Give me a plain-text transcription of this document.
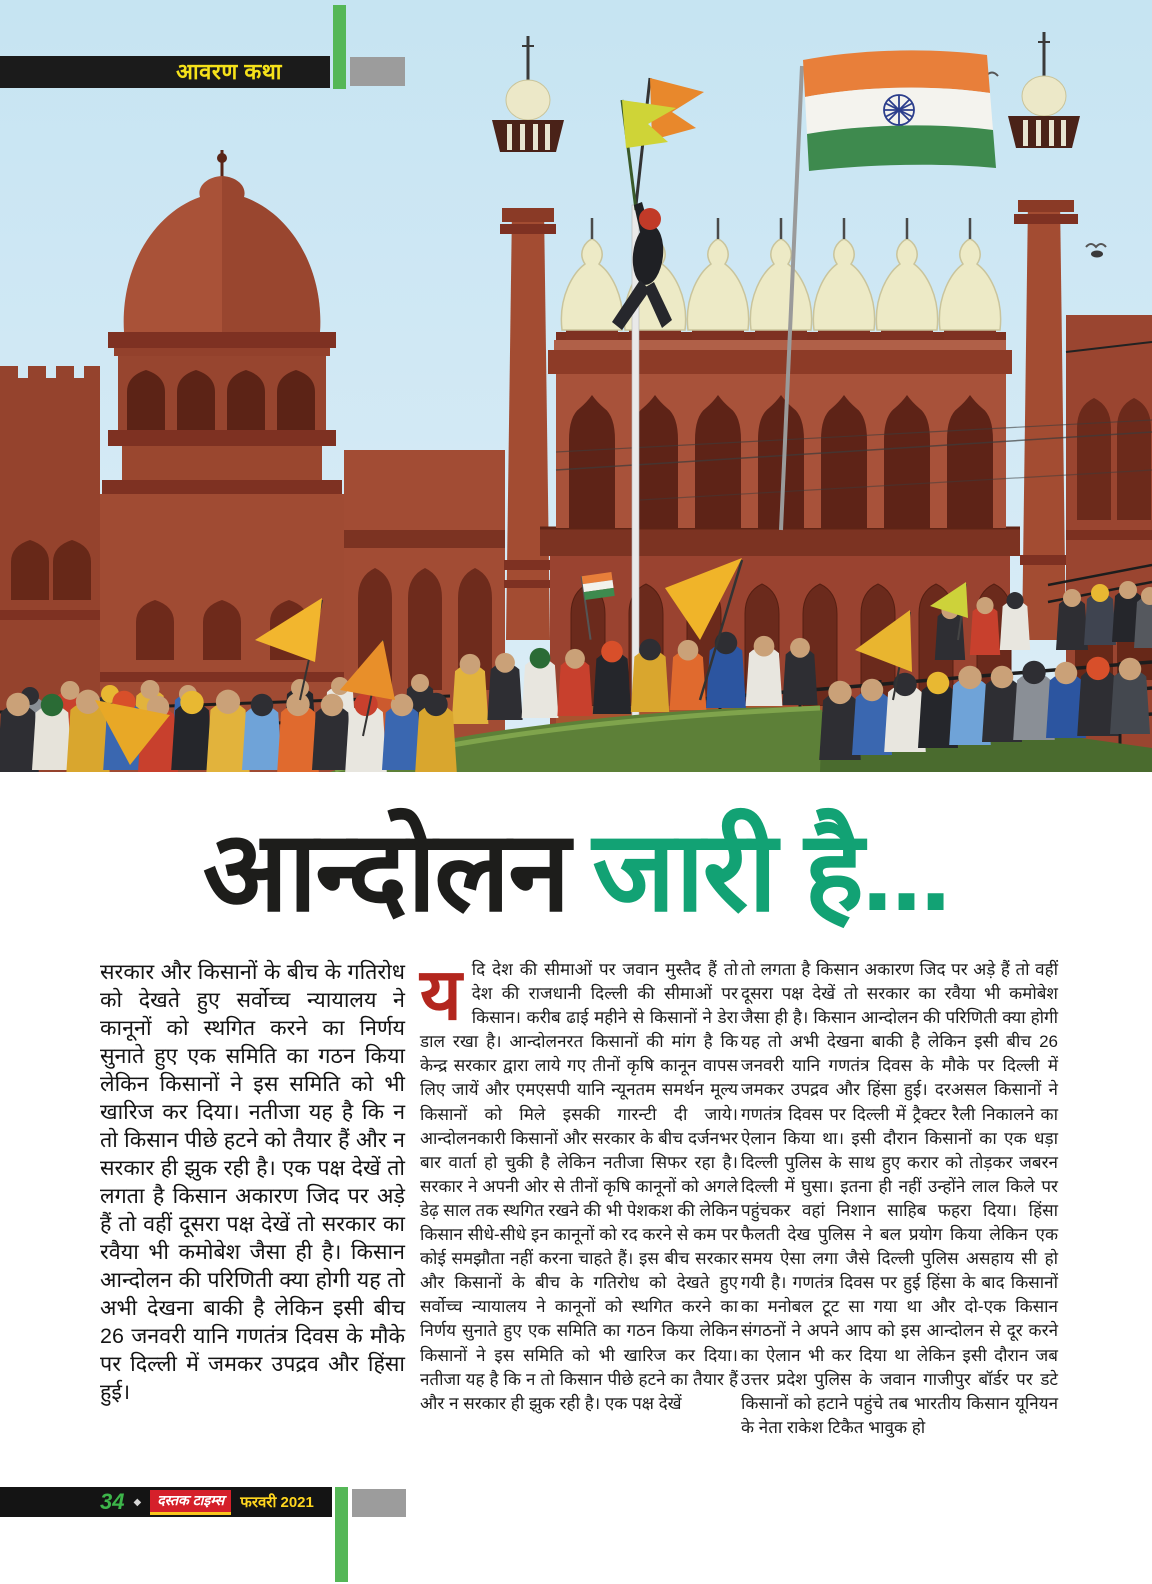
आवरण कथा
आन्दोलन जारी है...
सरकार और किसानों के बीच के गतिरोध को देखते हुए सर्वोच्च न्यायालय ने कानूनों को स्थगित करने का निर्णय सुनाते हुए एक समिति का गठन किया लेकिन किसानों ने इस समिति को भी खारिज कर दिया। नतीजा यह है कि न तो किसान पीछे हटने को तैयार हैं और न सरकार ही झुक रही है। एक पक्ष देखें तो लगता है किसान अकारण जिद पर अड़े हैं तो वहीं दूसरा पक्ष देखें तो सरकार का रवैया भी कमोबेश जैसा ही है। किसान आन्दोलन की परिणिती क्या होगी यह तो अभी देखना बाकी है लेकिन इसी बीच 26 जनवरी यानि गणतंत्र दिवस के मौके पर दिल्ली में जमकर उपद्रव और हिंसा हुई।
यदि देश की सीमाओं पर जवान मुस्तैद हैं तो देश की राजधानी दिल्ली की सीमाओं पर किसान। करीब ढाई महीने से किसानों ने डेरा डाल रखा है। आन्दोलनरत किसानों की मांग है कि केन्द्र सरकार द्वारा लाये गए तीनों कृषि कानून वापस लिए जायें और एमएसपी यानि न्यूनतम समर्थन मूल्य किसानों को मिले इसकी गारन्टी दी जाये। आन्दोलनकारी किसानों और सरकार के बीच दर्जनभर बार वार्ता हो चुकी है लेकिन नतीजा सिफर रहा है। सरकार ने अपनी ओर से तीनों कृषि कानूनों को अगले डेढ़ साल तक स्थगित रखने की भी पेशकश की लेकिन किसान सीधे-सीधे इन कानूनों को रद करने से कम पर कोई समझौता नहीं करना चाहते हैं। इस बीच सरकार और किसानों के बीच के गतिरोध को देखते हुए सर्वोच्च न्यायालय ने कानूनों को स्थगित करने का निर्णय सुनाते हुए एक समिति का गठन किया लेकिन किसानों ने इस समिति को भी खारिज कर दिया। नतीजा यह है कि न तो किसान पीछे हटने का तैयार हैं और न सरकार ही झुक रही है। एक पक्ष देखें
तो लगता है किसान अकारण जिद पर अड़े हैं तो वहीं दूसरा पक्ष देखें तो सरकार का रवैया भी कमोबेश जैसा ही है। किसान आन्दोलन की परिणिती क्या होगी यह तो अभी देखना बाकी है लेकिन इसी बीच 26 जनवरी यानि गणतंत्र दिवस के मौके पर दिल्ली में जमकर उपद्रव और हिंसा हुई। दरअसल किसानों ने गणतंत्र दिवस पर दिल्ली में ट्रैक्टर रैली निकालने का ऐलान किया था। इसी दौरान किसानों का एक धड़ा दिल्ली पुलिस के साथ हुए करार को तोड़कर जबरन दिल्ली में घुसा। इतना ही नहीं उन्होंने लाल किले पर पहुंचकर वहां निशान साहिब फहरा दिया। हिंसा फैलती देख पुलिस ने बल प्रयोग किया लेकिन एक समय ऐसा लगा जैसे दिल्ली पुलिस असहाय सी हो गयी है। गणतंत्र दिवस पर हुई हिंसा के बाद किसानों का मनोबल टूट सा गया था और दो-एक किसान संगठनों ने अपने आप को इस आन्दोलन से दूर करने का ऐलान भी कर दिया था लेकिन इसी दौरान जब उत्तर प्रदेश पुलिस के जवान गाजीपुर बॉर्डर पर डटे किसानों को हटाने पहुंचे तब भारतीय किसान यूनियन के नेता राकेश टिकैत भावुक हो
34 ◆	दस्तक टाइम्स	फरवरी 2021
